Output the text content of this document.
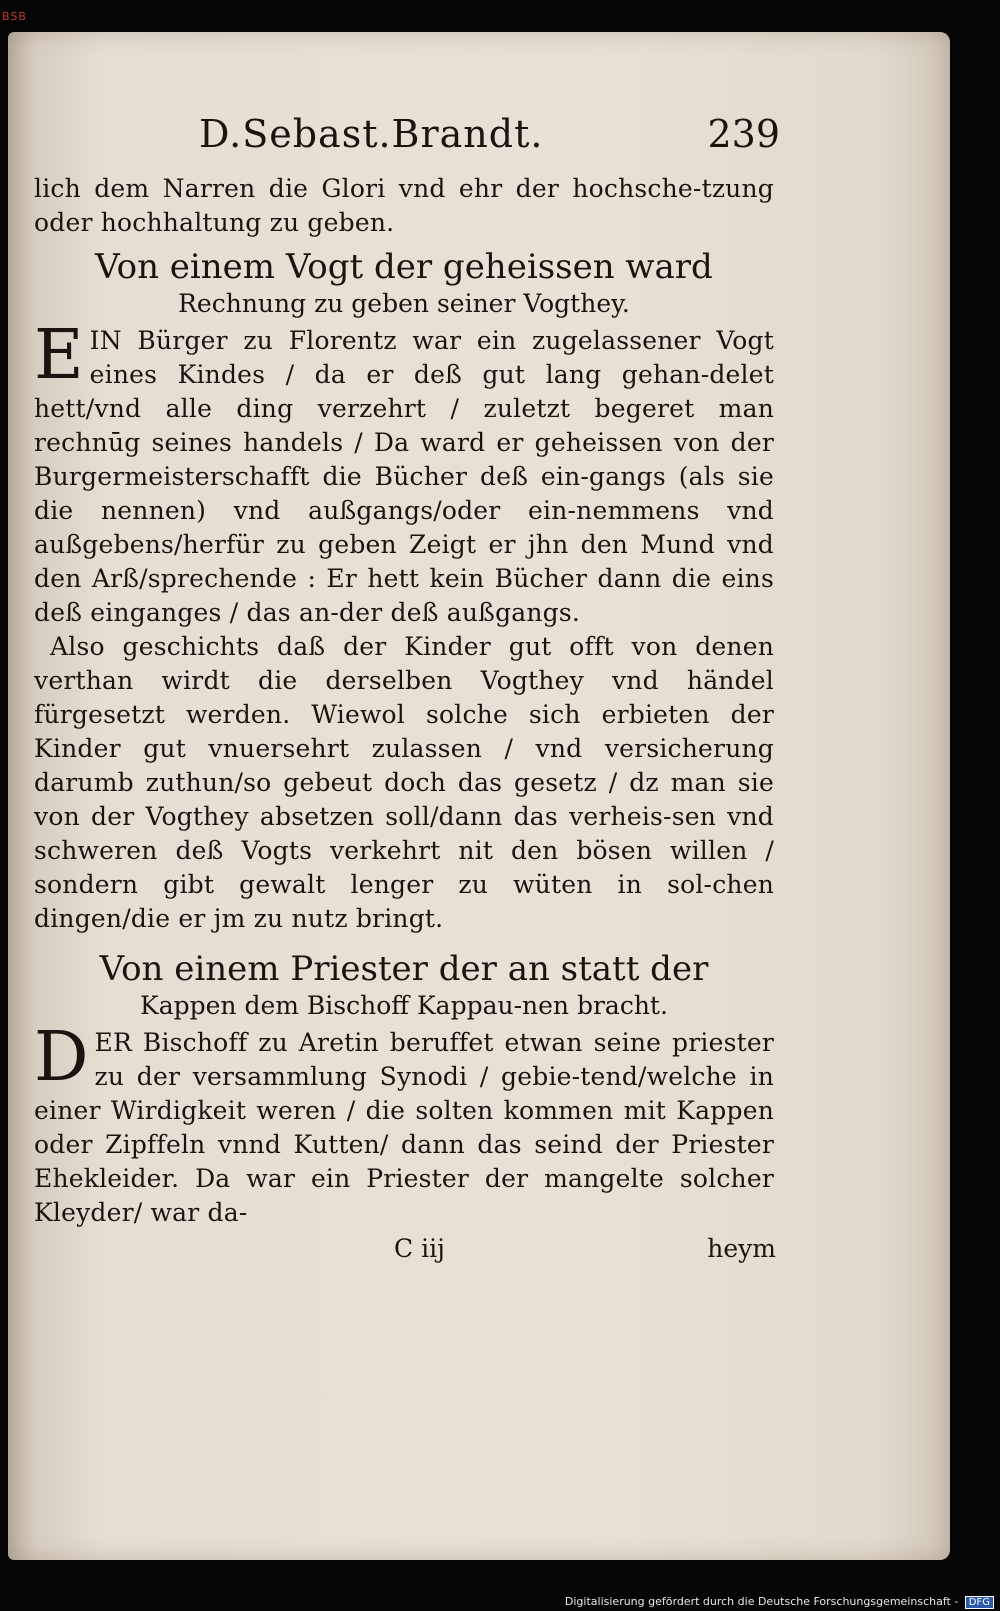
BSB
D.Sebast.Brandt.	239

lich dem Narren die Glori vnd ehr der hochsche-tzung oder hochhaltung zu geben.

Von einem Vogt der geheissen ward
Rechnung zu geben seiner Vogthey.
E IN Bürger zu Florentz war ein zugelassener Vogt eines Kindes / da er deß gut lang gehan-delet hett/vnd alle ding verzehrt / zuletzt begeret man rechnūg seines handels / Da ward er geheissen von der Burgermeisterschafft die Bücher deß ein-gangs (als sie die nennen) vnd außgangs/oder ein-nemmens vnd außgebens/herfür zu geben Zeigt er jhn den Mund vnd den Arß/sprechende : Er hett kein Bücher dann die eins deß einganges / das an-der deß außgangs.

Also geschichts daß der Kinder gut offt von denen verthan wirdt die derselben Vogthey vnd händel fürgesetzt werden. Wiewol solche sich erbieten der Kinder gut vnuersehrt zulassen / vnd versicherung darumb zuthun/so gebeut doch das gesetz / dz man sie von der Vogthey absetzen soll/dann das verheis-sen vnd schweren deß Vogts verkehrt nit den bösen willen / sondern gibt gewalt lenger zu wüten in sol-chen dingen/die er jm zu nutz bringt.

Von einem Priester der an statt der
Kappen dem Bischoff Kappau-nen bracht.
D ER Bischoff zu Aretin beruffet etwan seine priester zu der versammlung Synodi / gebie-tend/welche in einer Wirdigkeit weren / die solten kommen mit Kappen oder Zipffeln vnnd Kutten/ dann das seind der Priester Ehekleider. Da war ein Priester der mangelte solcher Kleyder/ war da-

C iij	heym
Digitalisierung gefördert durch die Deutsche Forschungsgemeinschaft - DFG
